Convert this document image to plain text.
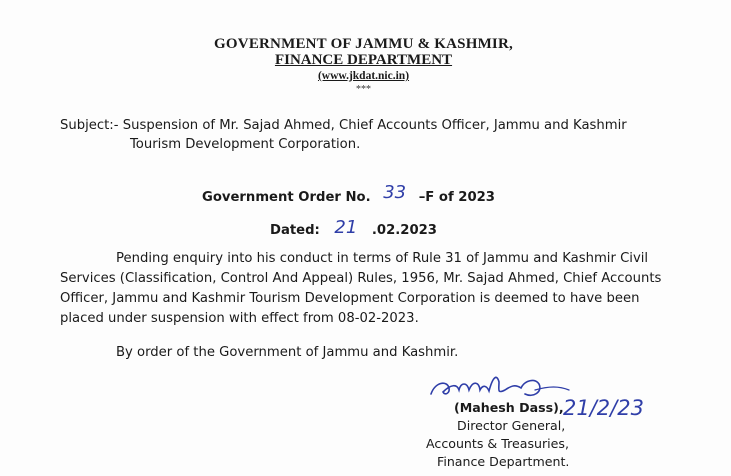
GOVERNMENT OF JAMMU & KASHMIR,
FINANCE DEPARTMENT
(www.jkdat.nic.in)
***
Subject:- Suspension of Mr. Sajad Ahmed, Chief Accounts Officer, Jammu and Kashmir
Tourism Development Corporation.
Government Order No. 33 –F of 2023
Dated: 21 .02.2023
Pending enquiry into his conduct in terms of Rule 31 of Jammu and Kashmir Civil
Services (Classification, Control And Appeal) Rules, 1956, Mr. Sajad Ahmed, Chief Accounts
Officer, Jammu and Kashmir Tourism Development Corporation is deemed to have been
placed under suspension with effect from 08-02-2023.
By order of the Government of Jammu and Kashmir.
(Mahesh Dass), 21/2/23
Director General,
Accounts & Treasuries,
Finance Department.
